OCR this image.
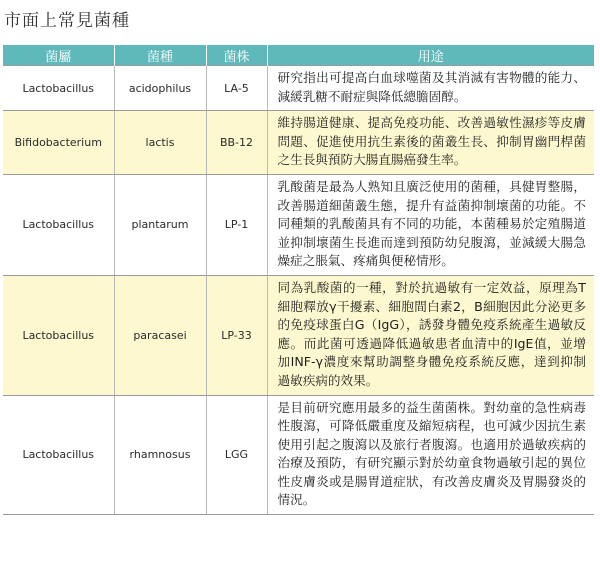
市面上常見菌種
菌屬	菌種	菌株	用途
Lactobacillus	acidophilus	LA-5	研究指出可提高白血球噬菌及其消滅有害物體的能力、減緩乳糖不耐症與降低總膽固醇。
Bifidobacterium	lactis	BB-12	維持腸道健康、提高免疫功能、改善過敏性濕疹等皮膚問題、促進使用抗生素後的菌叢生長、抑制胃幽門桿菌之生長與預防大腸直腸癌發生率。
Lactobacillus	plantarum	LP-1	乳酸菌是最為人熟知且廣泛使用的菌種，具健胃整腸，改善腸道細菌叢生態，提升有益菌抑制壞菌的功能。不同種類的乳酸菌具有不同的功能，本菌種易於定殖腸道並抑制壞菌生長進而達到預防幼兒腹瀉，並減緩大腸急燥症之脹氣、疼痛與便秘情形。
Lactobacillus	paracasei	LP-33	同為乳酸菌的一種，對於抗過敏有一定效益，原理為T細胞釋放γ干擾素、細胞間白素2，B細胞因此分泌更多的免疫球蛋白G（IgG），誘發身體免疫系統產生過敏反應。而此菌可透過降低過敏患者血清中的IgE值，並增加INF-γ濃度來幫助調整身體免疫系統反應，達到抑制過敏疾病的效果。
Lactobacillus	rhamnosus	LGG	是目前研究應用最多的益生菌菌株。對幼童的急性病毒性腹瀉，可降低嚴重度及縮短病程，也可減少因抗生素使用引起之腹瀉以及旅行者腹瀉。也適用於過敏疾病的治療及預防，有研究顯示對於幼童食物過敏引起的異位性皮膚炎或是腸胃道症狀，有改善皮膚炎及胃腸發炎的情況。
